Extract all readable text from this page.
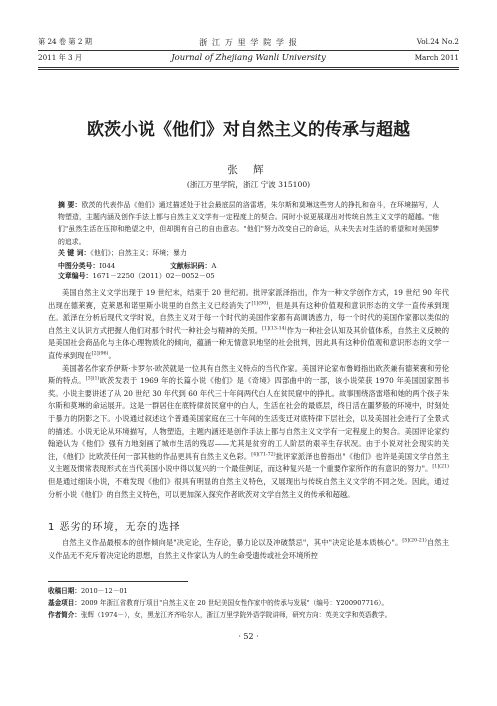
第 24 卷 第 2 期
2011 年 3 月
浙 江 万 里 学 院 学 报
Journal of Zhejiang Wanli University
Vol.24 No.2
March 2011
欧茨小说《他们》对自然主义的传承与超越
张 辉
(浙江万里学院，浙江 宁波 315100)
摘 要：欧茨的代表作品《他们》通过描述处于社会最底层的洛雷塔，朱尔斯和莫琳这些穷人的挣扎和奋斗，在环境描写，人物塑造，主题内涵及创作手法上都与自然主义文学有一定程度上的契合。同时小说更展现出对传统自然主义文学的超越。"他们"虽然生活在压抑和绝望之中，但却拥有自己的自由意志。"他们"努力改变自己的命运，从未失去对生活的希望和对美国梦的追求。
关 键 词：《他们》；自然主义；环境；暴力
中图分类号：I044	文献标识码：A文章编号：1671－2250（2011）02－0052－05

美国自然主义文学出现于 19 世纪末，结束于 20 世纪初。批评家派泽指出，作为一种文学创作方式，19 世纪 90 年代出现在德莱赛，克莱恩和诺里斯小说里的自然主义已经消失了$^{[1](90)}$，但是具有这种价值观和意识形态的文学一直传承到现在。派泽在分析后现代文学时说，自然主义对于每一个时代的美国作家都有高调诱惑力，每一个时代的美国作家都以类似的自然主义认识方式把握人他们对那个时代一种社会与精神的关照。$^{[1](13-14)}$作为一种社会认知及其价值体系，自然主义反映的是美国社会商品化与主体心理物质化的倾向，蕴涵一种无情意识地坚的社会批判，因此具有这种价值观和意识形态的文学一直传承到现在$^{[2](96)}$。

美国著名作家乔伊斯·卡罗尔·欧茨就是一位具有自然主义特点的当代作家。美国评论家布鲁姆指出欧茨兼有德莱赛和劳伦斯的特点。$^{[3](1)}$欧茨发表于 1969 年的长篇小说《他们》是《奇境》四部曲中的一部，该小说荣获 1970 年美国国家图书奖。小说主要讲述了从 20 世纪 30 年代到 60 年代三十年间两代白人在贫民窟中的挣扎。故事围绕洛雷塔和她的两个孩子朱尔斯和莫琳的命运展开。这是一群居住在底特律贫民窟中的白人，生活在社会的最底层，终日活在噩梦般的环境中，时刻处于暴力的阴影之下。小说通过叙述这个普通美国家庭在三十年间的生活变迁对底特律下层社会，以及美国社会进行了全景式的描述。小说无论从环境描写，人物塑造，主题内涵还是创作手法上都与自然主义文学有一定程度上的契合。美国评论家约翰逊认为《他们》强有力地刻画了城市生活的残忍——尤其是贫穷的工人阶层的艰辛生存状况。由于小说对社会现实的关注，《他们》比欧茨任何一部其他的作品更具有自然主义色彩。$^{[4](71-72)}$批评家派泽也曾指出"《他们》也许是美国文学自然主义主题及惯常表现形式在当代美国小说中得以复兴的一个最佳例证，而这种复兴是一个重要作家所作的有意识的努力"。$^{[1](21)}$但是通过细读小说，不难发现《他们》很具有明显的自然主义特色，又展现出与传统自然主义文学的不同之处。因此，通过分析小说《他们》的自然主义特色，可以更加深入探究作者欧茨对文学自然主义的传承和超越。

1 恶劣的环境，无奈的选择

自然主义作品最根本的创作倾向是"决定论，生存论，暴力论以及冲破禁忌"，其中"决定论是本质核心"。$^{[5](20-21)}$自然主义作品无不充斥着决定论的思想，自然主义作家认为人的生命受遗传或社会环境所控

收稿日期：2010－12－01
基金项目：2009 年浙江省教育厅项目"自然主义在 20 世纪美国女性作家中的传承与发展"（编号：Y200907716）。
作者简介：张辉（1974－），女，黑龙江齐齐哈尔人，浙江万里学院外语学院讲师，研究方向：英美文学和英语教学。
· 52 ·
